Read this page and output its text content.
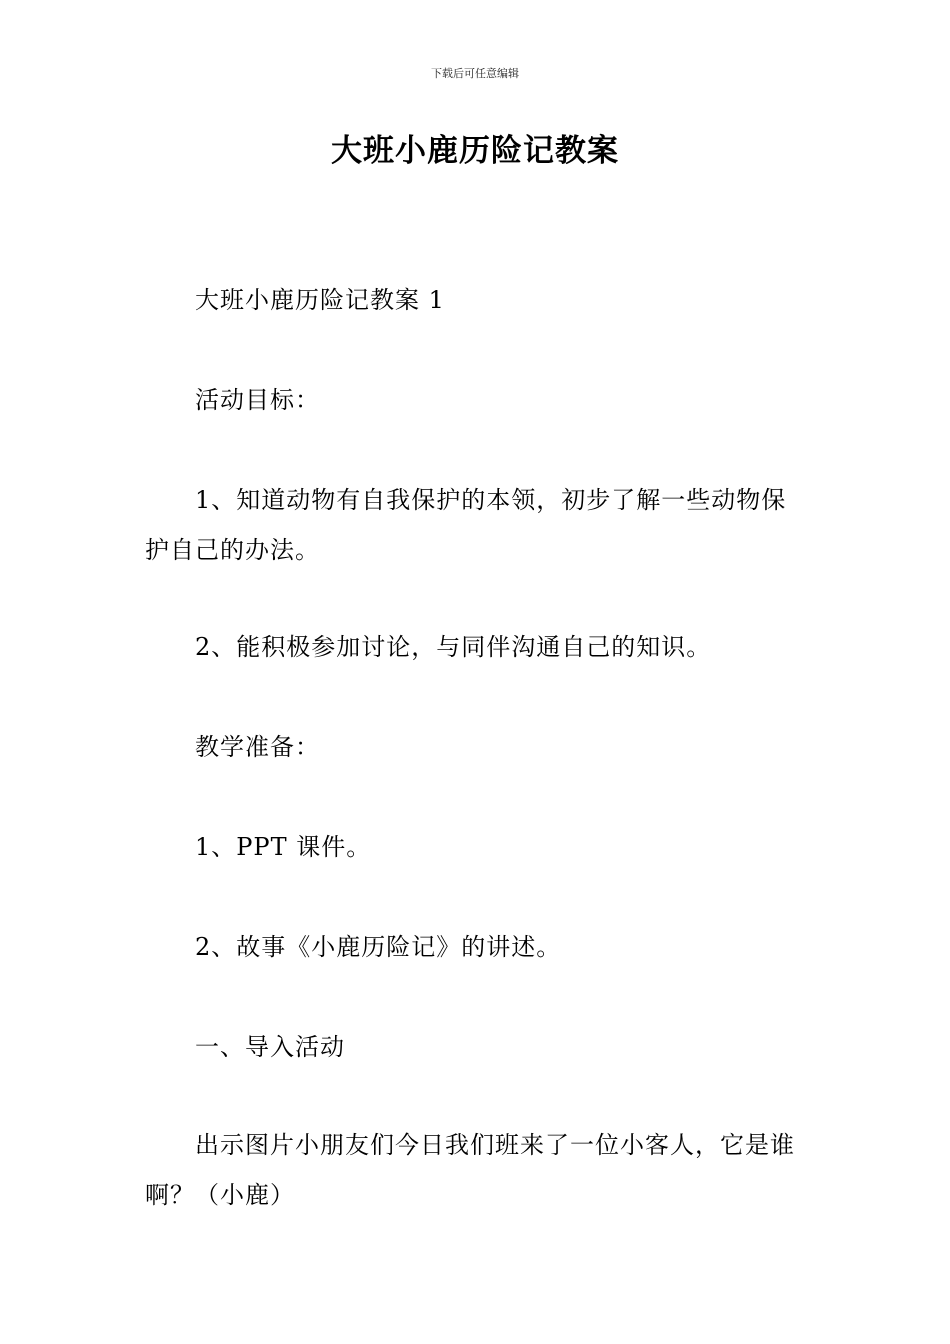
下载后可任意编辑
大班小鹿历险记教案

大班小鹿历险记教案 1

活动目标：

1、知道动物有自我保护的本领，初步了解一些动物保护自己的办法。

2、能积极参加讨论，与同伴沟通自己的知识。

教学准备：

1、PPT 课件。

2、故事《小鹿历险记》的讲述。

一、导入活动

出示图片小朋友们今日我们班来了一位小客人，它是谁啊？（小鹿）
